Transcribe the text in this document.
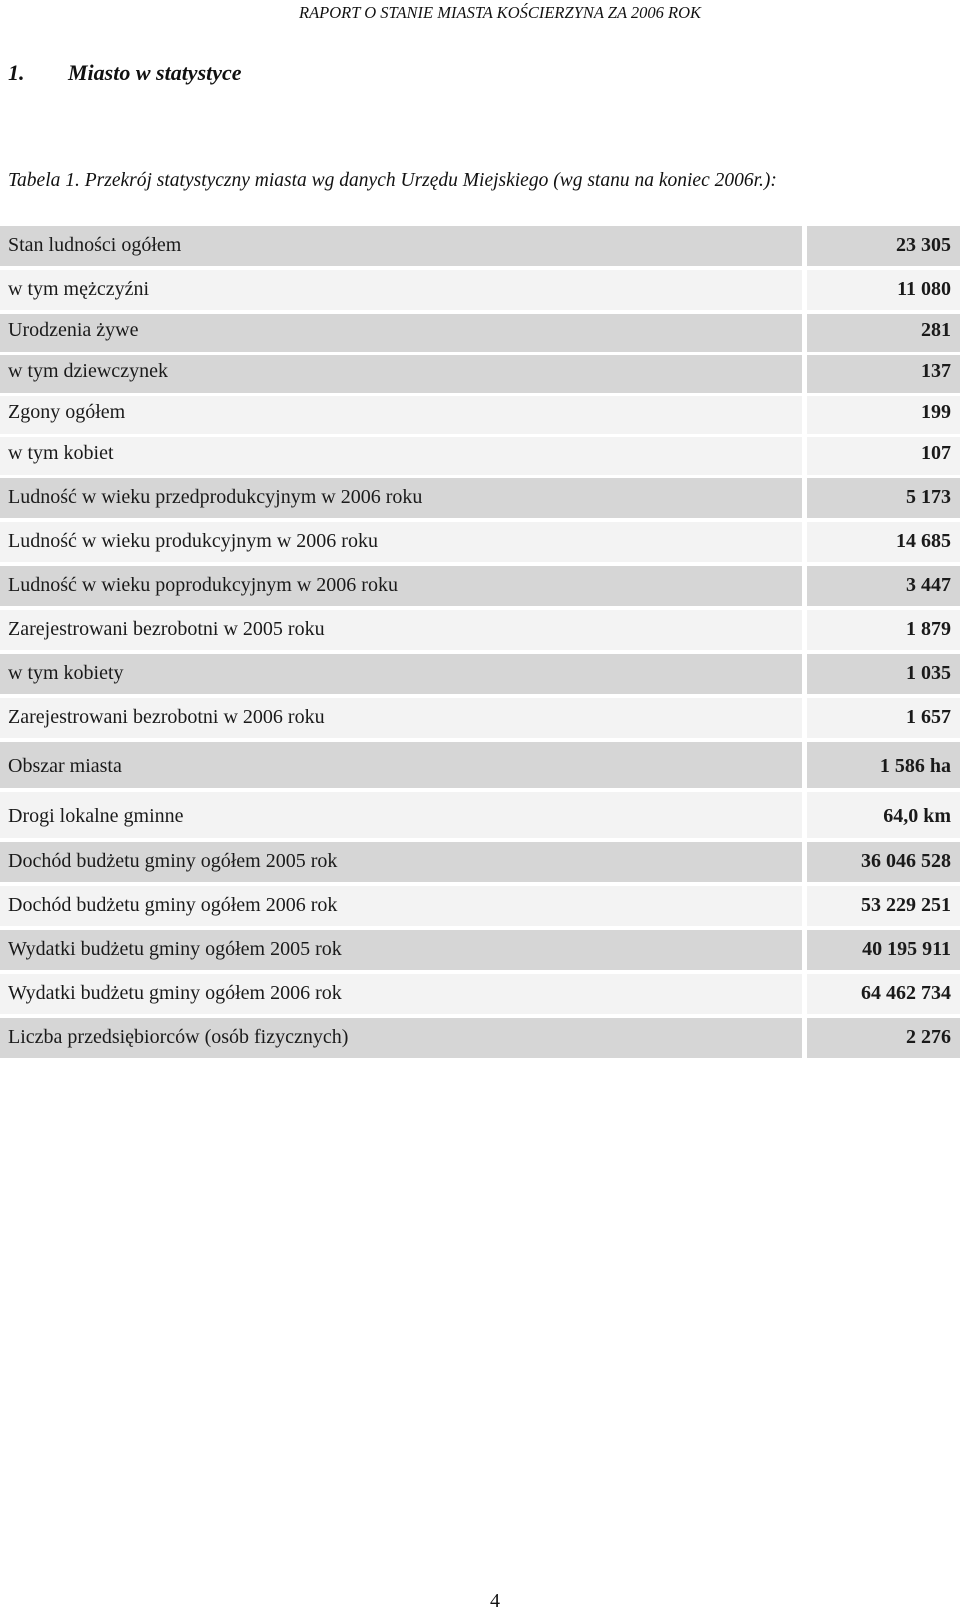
RAPORT O STANIE MIASTA KOŚCIERZYNA ZA 2006 ROK
1. Miasto w statystyce
Tabela 1. Przekrój statystyczny miasta wg danych Urzędu Miejskiego (wg stanu na koniec 2006r.):
Stan ludności ogółem	23 305
w tym mężczyźni	11 080
Urodzenia żywe	281
w tym dziewczynek	137
Zgony ogółem	199
w tym kobiet	107
Ludność w wieku przedprodukcyjnym w 2006 roku	5 173
Ludność w wieku produkcyjnym w 2006 roku	14 685
Ludność w wieku poprodukcyjnym w 2006 roku	3 447
Zarejestrowani bezrobotni w 2005 roku	1 879
w tym kobiety	1 035
Zarejestrowani bezrobotni w 2006 roku	1 657
Obszar miasta	1 586 ha
Drogi lokalne gminne	64,0 km
Dochód budżetu gminy ogółem 2005 rok	36 046 528
Dochód budżetu gminy ogółem 2006 rok	53 229 251
Wydatki budżetu gminy ogółem 2005 rok	40 195 911
Wydatki budżetu gminy ogółem 2006 rok	64 462 734
Liczba przedsiębiorców (osób fizycznych)	2 276
4
